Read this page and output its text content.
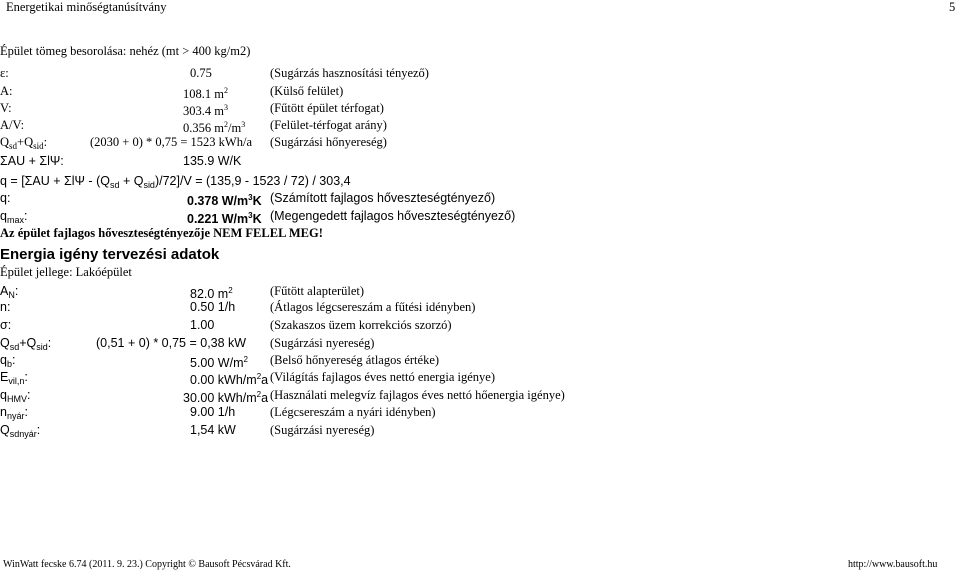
Energetikai minőségtanúsítvány	5
Épület tömeg besorolása: nehéz (mt > 400 kg/m2)
ε:	0.75	(Sugárzás hasznosítási tényező)
A:	108.1 $m^2$	(Külső felület)
V:	303.4 $m^3$	(Fűtött épület térfogat)
A/V:	0.356 $m^2/m^3$ (Felület-térfogat arány)
$Q_{sd}+Q_{sid}$:	(2030 + 0) * 0,75 = 1523 kWh/a (Sugárzási hőnyereség)
ΣAU + ΣlΨ:	135.9 W/K
$q = [\Sigma AU + \Sigma l\Psi - (Q_{sd} + Q_{sid})/72]/V = (135,9 - 1523 / 72) / 303,4$
q:	0.378 $W/m^3K$ (Számított fajlagos hőveszteségtényező)
$q_{max}$:	0.221 $W/m^3K$ (Megengedett fajlagos hőveszteségtényező)
Az épület fajlagos hőveszteségtényezője NEM FELEL MEG!
Energia igény tervezési adatok
Épület jellege: Lakóépület
$A_N$:	82.0 $m^2$	(Fűtött alapterület)
n:	0.50 1/h	(Átlagos légcsereszám a fűtési idényben)
σ:	1.00	(Szakaszos üzem korrekciós szorzó)
$Q_{sd}+Q_{sid}$:	(0,51 + 0) * 0,75 = 0,38 kW (Sugárzási nyereség)
$q_b$:	5.00 $W/m^2$ (Belső hőnyereség átlagos értéke)
$E_{vil,n}$:	0.00 kWh/$m^2a$ (Világítás fajlagos éves nettó energia igénye)
$q_{HMV}$:	30.00 kWh/$m^2a$ (Használati melegvíz fajlagos éves nettó hőenergia igénye)
$n_{nyár}$:	9.00 1/h	(Légcsereszám a nyári idényben)
$Q_{sdnyár}$:	1,54 kW	(Sugárzási nyereség)
WinWatt fecske 6.74 (2011. 9. 23.) Copyright © Bausoft Pécsvárad Kft.	http://www.bausoft.hu
